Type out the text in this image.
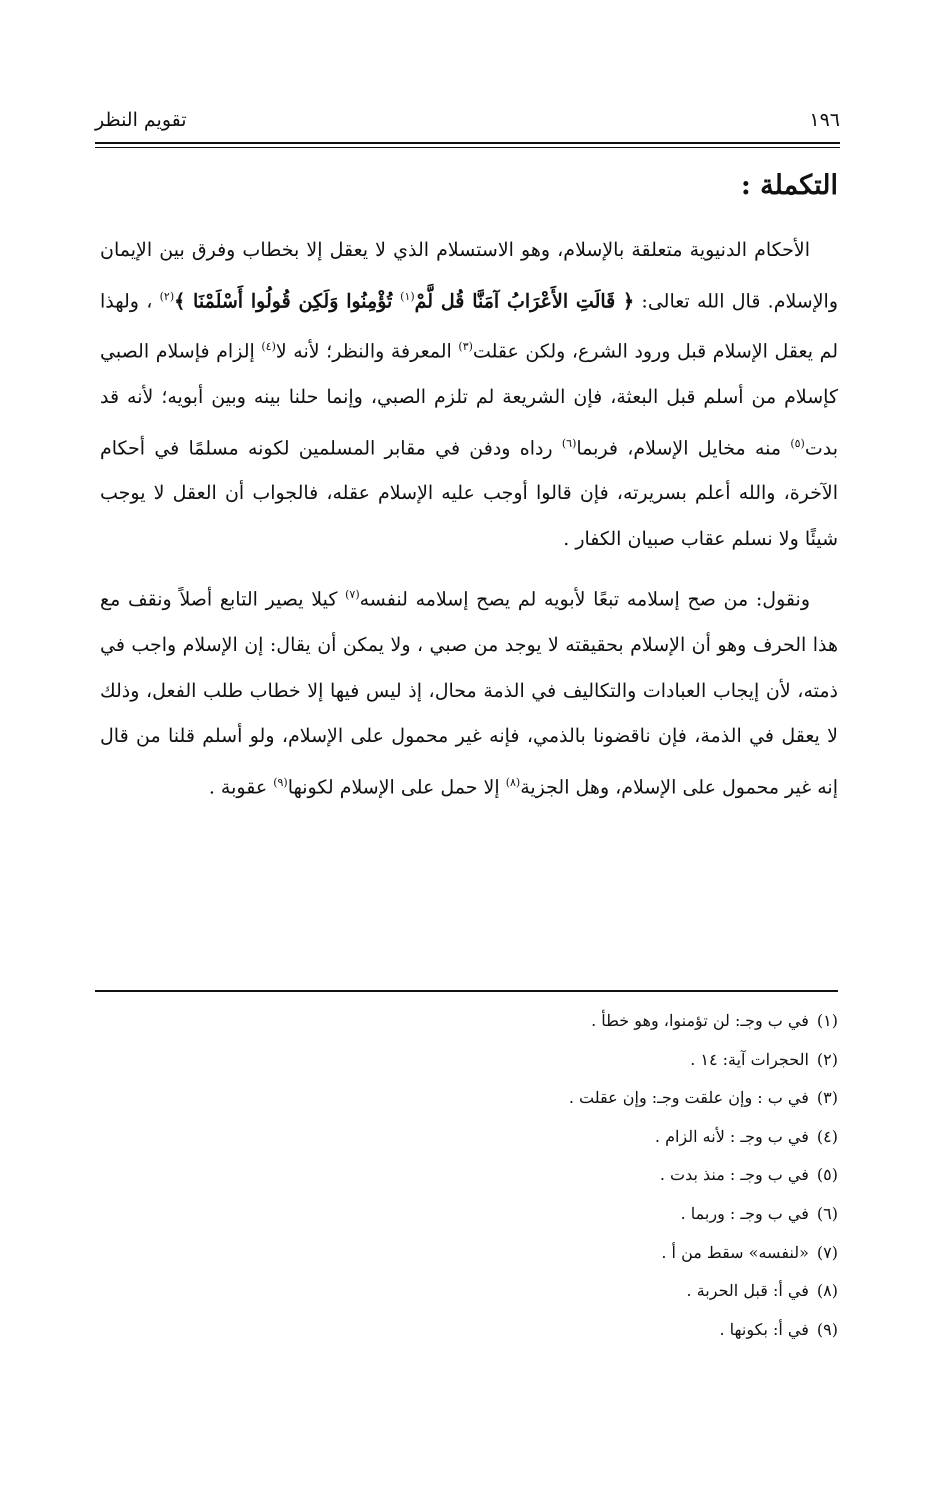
١٩٦
تقويم النظر
التكملة :

الأحكام الدنيوية متعلقة بالإسلام، وهو الاستسلام الذي لا يعقل إلا بخطاب وفرق بين الإيمان والإسلام. قال الله تعالى: ﴿ قَالَتِ الأَعْرَابُ آمَنَّا قُل لَّمْ$^{(١)}$ تُؤْمِنُوا وَلَكِن قُولُوا أَسْلَمْنَا ﴾$^{(٢)}$ ، ولهذا لم يعقل الإسلام قبل ورود الشرع، ولكن عقلت$^{(٣)}$ المعرفة والنظر؛ لأنه لا$^{(٤)}$ إلزام فإسلام الصبي كإسلام من أسلم قبل البعثة، فإن الشريعة لم تلزم الصبي، وإنما حلنا بينه وبين أبويه؛ لأنه قد بدت$^{(٥)}$ منه مخايل الإسلام، فربما$^{(٦)}$ رداه ودفن في مقابر المسلمين لكونه مسلمًا في أحكام الآخرة، والله أعلم بسريرته، فإن قالوا أوجب عليه الإسلام عقله، فالجواب أن العقل لا يوجب شيئًا ولا نسلم عقاب صبيان الكفار .

ونقول: من صح إسلامه تبعًا لأبويه لم يصح إسلامه لنفسه$^{(٧)}$ كيلا يصير التابع أصلاً ونقف مع هذا الحرف وهو أن الإسلام بحقيقته لا يوجد من صبي ، ولا يمكن أن يقال: إن الإسلام واجب في ذمته، لأن إيجاب العبادات والتكاليف في الذمة محال، إذ ليس فيها إلا خطاب طلب الفعل، وذلك لا يعقل في الذمة، فإن ناقضونا بالذمي، فإنه غير محمول على الإسلام، ولو أسلم قلنا من قال إنه غير محمول على الإسلام، وهل الجزية$^{(٨)}$ إلا حمل على الإسلام لكونها$^{(٩)}$ عقوبة .

(١)في ب وجـ: لن تؤمنوا، وهو خطأ .
(٢)الحجرات آية: ١٤ .
(٣)في ب : وإن علقت وجـ: وإن عقلت .
(٤)في ب وجـ : لأنه الزام .
(٥)في ب وجـ : منذ بدت .
(٦)في ب وجـ : وربما .
(٧)«لنفسه» سقط من أ .
(٨)في أ: قبل الحربة .
(٩)في أ: بكونها .
